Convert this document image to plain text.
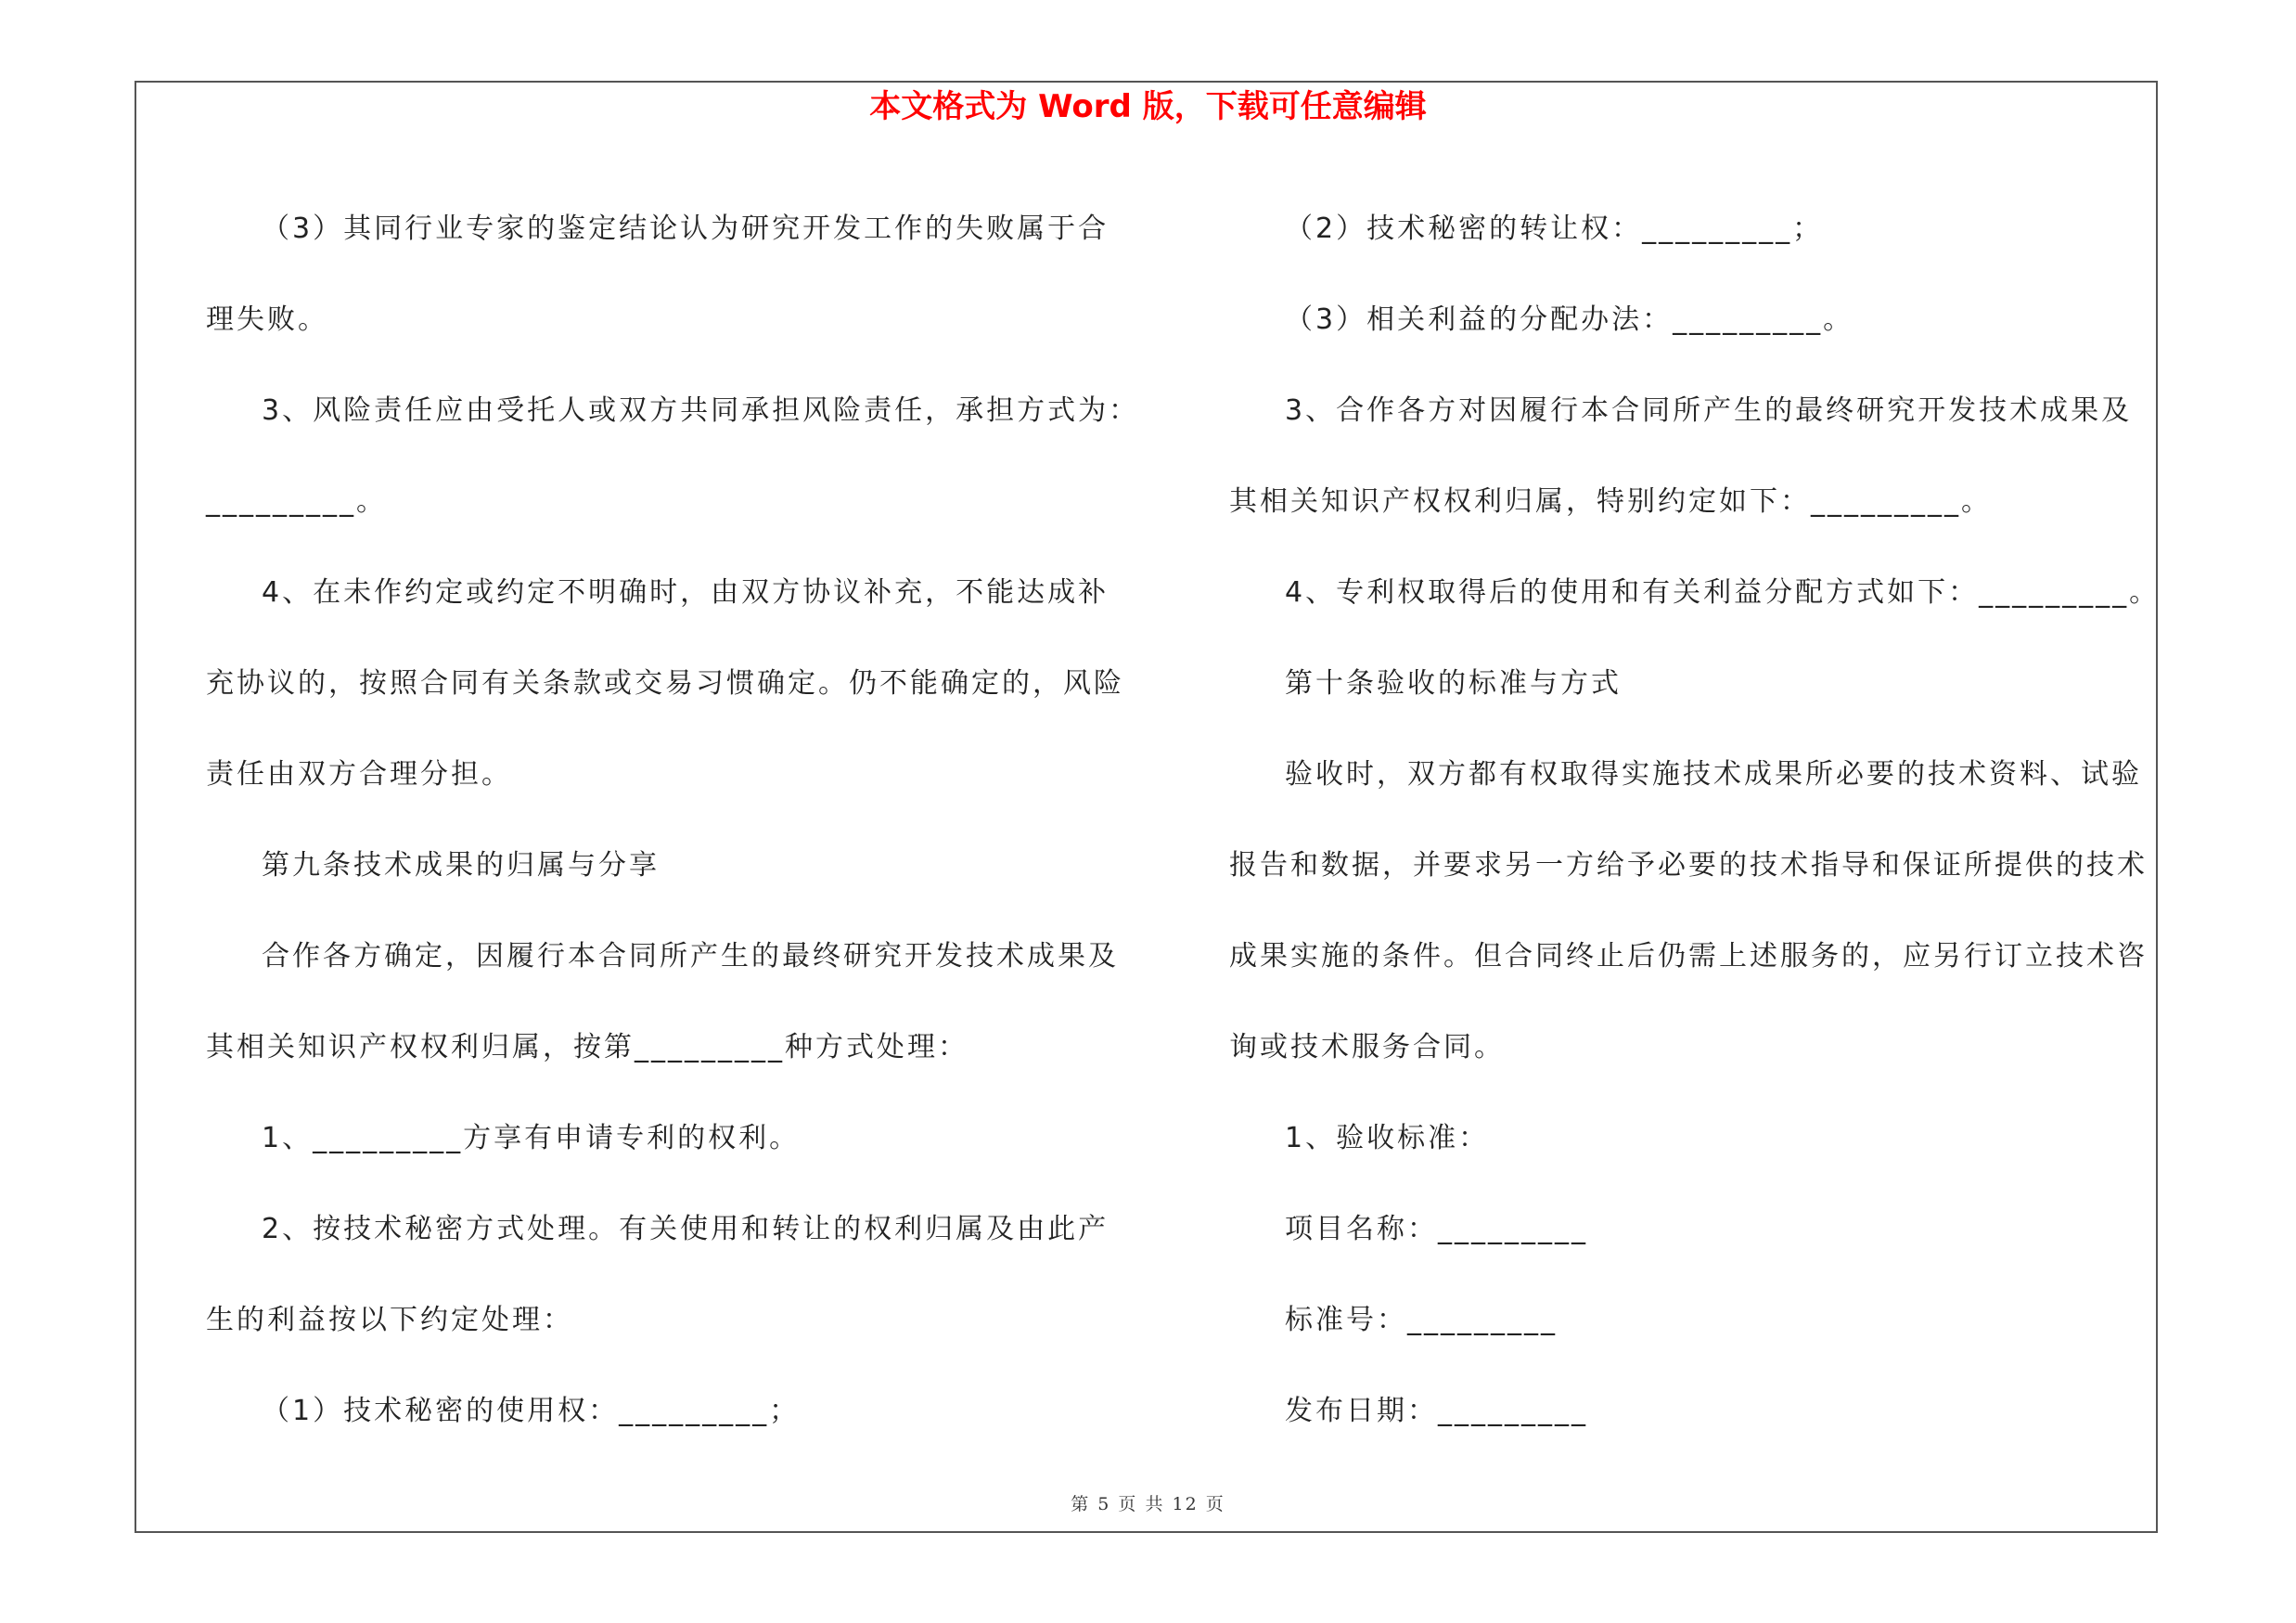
本文格式为 Word 版，下载可任意编辑

（3）其同行业专家的鉴定结论认为研究开发工作的失败属于合

理失败。

3、风险责任应由受托人或双方共同承担风险责任，承担方式为：

_________。

4、在未作约定或约定不明确时，由双方协议补充，不能达成补

充协议的，按照合同有关条款或交易习惯确定。仍不能确定的，风险

责任由双方合理分担。

第九条技术成果的归属与分享

合作各方确定，因履行本合同所产生的最终研究开发技术成果及

其相关知识产权权利归属，按第_________种方式处理：

1、_________方享有申请专利的权利。

2、按技术秘密方式处理。有关使用和转让的权利归属及由此产

生的利益按以下约定处理：

（1）技术秘密的使用权：_________；

（2）技术秘密的转让权：_________；

（3）相关利益的分配办法：_________。

3、合作各方对因履行本合同所产生的最终研究开发技术成果及

其相关知识产权权利归属，特别约定如下：_________。

4、专利权取得后的使用和有关利益分配方式如下：_________。

第十条验收的标准与方式

验收时，双方都有权取得实施技术成果所必要的技术资料、试验

报告和数据，并要求另一方给予必要的技术指导和保证所提供的技术

成果实施的条件。但合同终止后仍需上述服务的，应另行订立技术咨

询或技术服务合同。

1、验收标准：

项目名称：_________

标准号：_________

发布日期：_________

第 5 页 共 12 页
